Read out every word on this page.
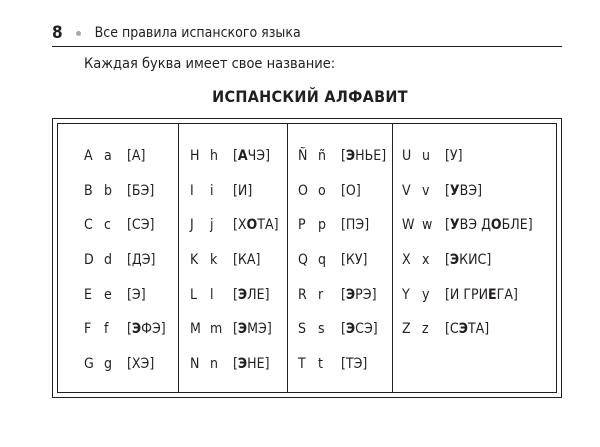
8 Все правила испанского языка
Каждая буква имеет свое название:
ИСПАНСКИЙ АЛФАВИТ
A a	[А]
B b	[БЭ]
C c	[СЭ]
D d	[ДЭ]
E e	[Э]
F f	[ЭФЭ]
G g	[ХЭ]
H h	[АЧЭ]
I	i	[И]
J	j	[ХОТА]
K k	[КА]
L l	[ЭЛЕ]
M m [ЭМЭ]
N n	[ЭНЕ]
Ñ ñ	[ЭНЬЕ]
O o	[О]
P p	[ПЭ]
Q q	[КУ]
R r	[ЭРЭ]
S s	[ЭСЭ]
T t	[ТЭ]
U u	[У]
V v	[УВЭ]
W w [УВЭ ДОБЛЕ]
X x	[ЭКИС]
Y y	[И ГРИЕГА]
Z z	[СЭТА]
